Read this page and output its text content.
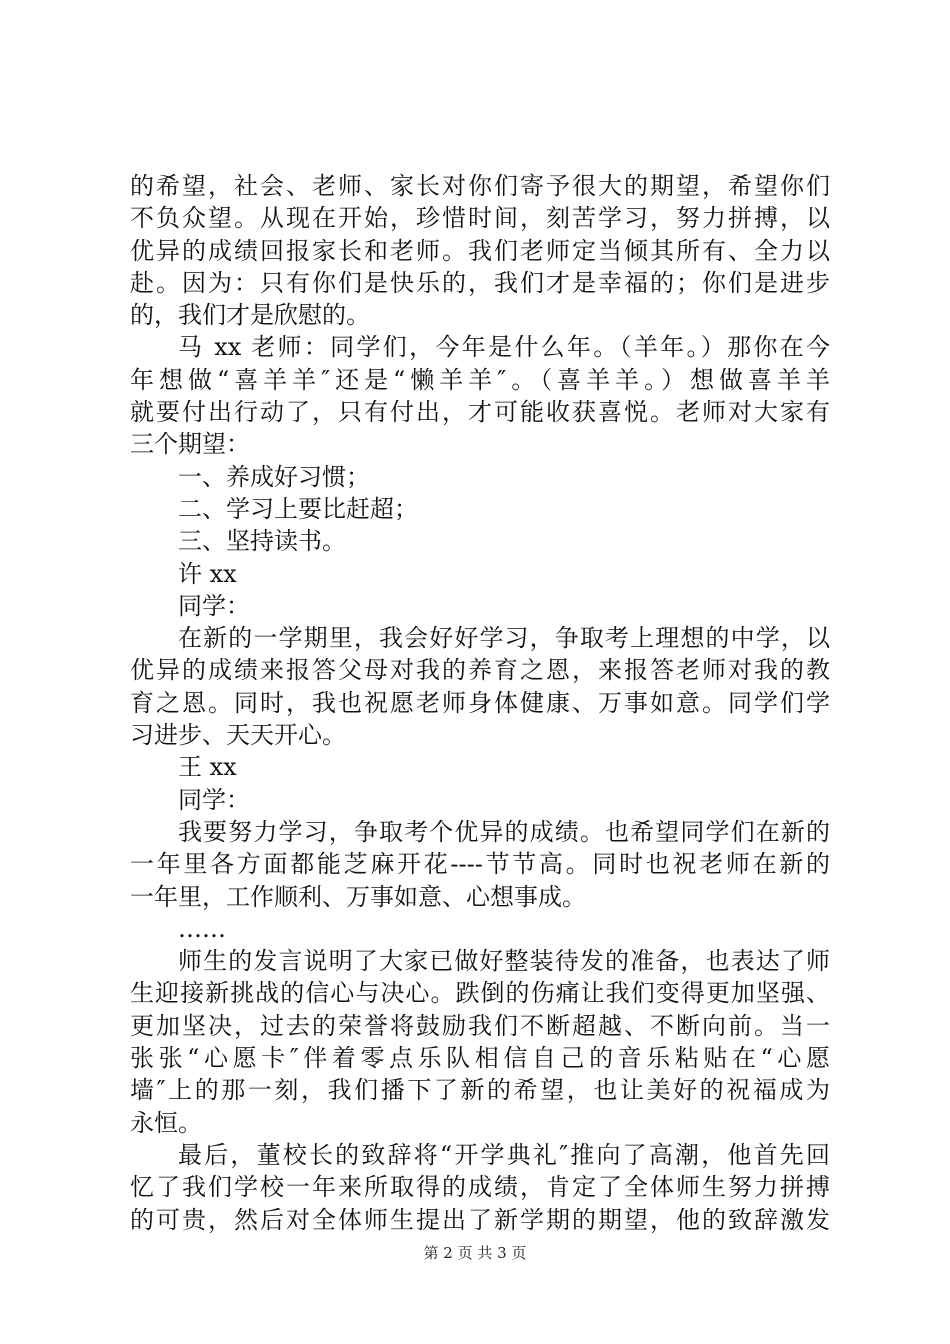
的希望，社会、老师、家长对你们寄予很大的期望，希望你们
不负众望。从现在开始，珍惜时间，刻苦学习，努力拼搏，以
优异的成绩回报家长和老师。我们老师定当倾其所有、全力以
赴。因为：只有你们是快乐的，我们才是幸福的；你们是进步
的，我们才是欣慰的。
马 xx 老师：同学们，今年是什么年。（羊年。）那你在今
年想做“喜羊羊″还是“懒羊羊″。（喜羊羊。）想做喜羊羊
就要付出行动了，只有付出，才可能收获喜悦。老师对大家有
三个期望：
一、养成好习惯；
二、学习上要比赶超；
三、坚持读书。
许 xx
同学：
在新的一学期里，我会好好学习，争取考上理想的中学，以
优异的成绩来报答父母对我的养育之恩，来报答老师对我的教
育之恩。同时，我也祝愿老师身体健康、万事如意。同学们学
习进步、天天开心。
王 xx
同学：
我要努力学习，争取考个优异的成绩。也希望同学们在新的
一年里各方面都能芝麻开花----节节高。同时也祝老师在新的
一年里，工作顺利、万事如意、心想事成。
……
师生的发言说明了大家已做好整装待发的准备，也表达了师
生迎接新挑战的信心与决心。跌倒的伤痛让我们变得更加坚强、
更加坚决，过去的荣誉将鼓励我们不断超越、不断向前。当一
张张“心愿卡″伴着零点乐队相信自己的音乐粘贴在“心愿
墙″上的那一刻，我们播下了新的希望，也让美好的祝福成为
永恒。
最后，董校长的致辞将“开学典礼″推向了高潮，他首先回
忆了我们学校一年来所取得的成绩，肯定了全体师生努力拼搏
的可贵，然后对全体师生提出了新学期的期望，他的致辞激发
第 2 页 共 3 页
